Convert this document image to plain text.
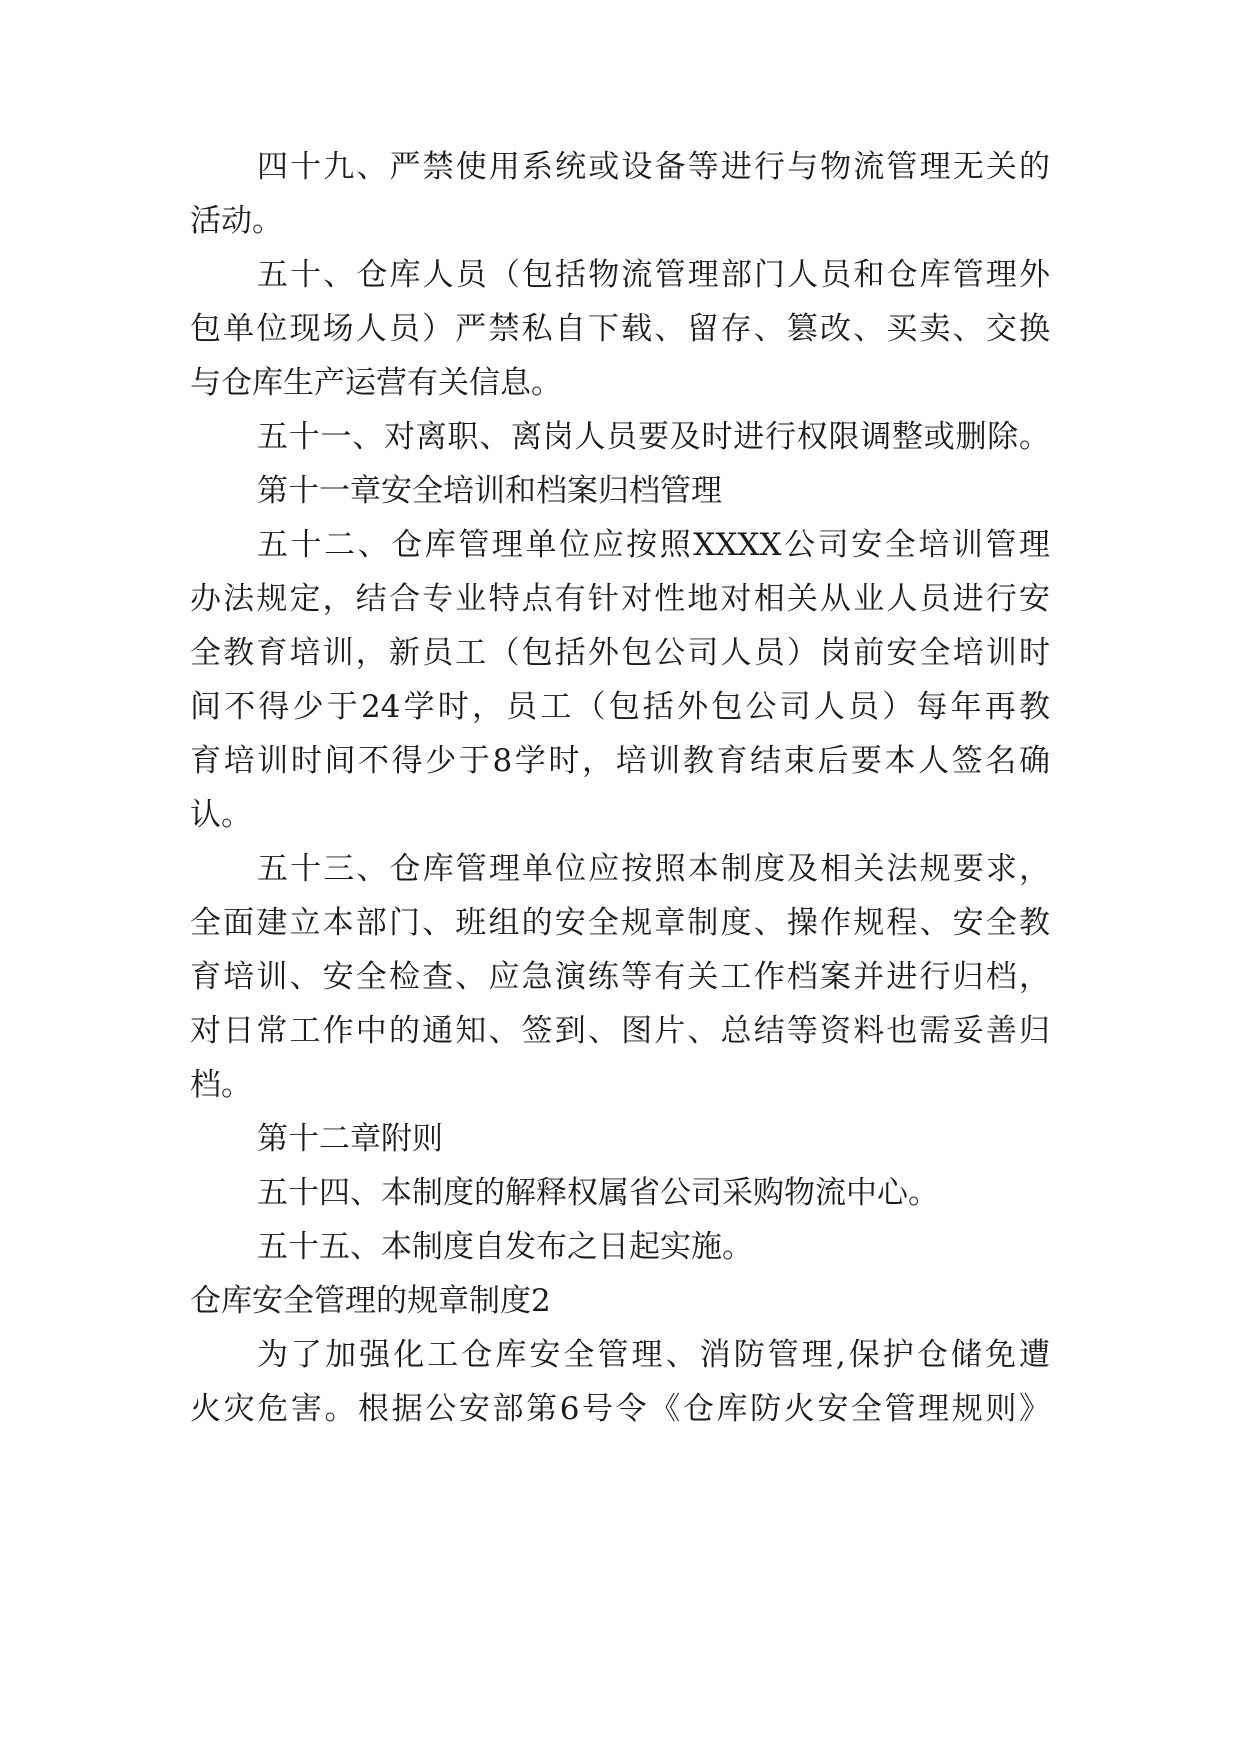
四十九、严禁使用系统或设备等进行与物流管理无关的
活动。
五十、仓库人员（包括物流管理部门人员和仓库管理外
包单位现场人员）严禁私自下载、留存、篡改、买卖、交换
与仓库生产运营有关信息。
五十一、对离职、离岗人员要及时进行权限调整或删除。
第十一章安全培训和档案归档管理
五十二、仓库管理单位应按照XXXX公司安全培训管理
办法规定，结合专业特点有针对性地对相关从业人员进行安
全教育培训，新员工（包括外包公司人员）岗前安全培训时
间不得少于24学时，员工（包括外包公司人员）每年再教
育培训时间不得少于8学时，培训教育结束后要本人签名确
认。
五十三、仓库管理单位应按照本制度及相关法规要求，
全面建立本部门、班组的安全规章制度、操作规程、安全教
育培训、安全检查、应急演练等有关工作档案并进行归档，
对日常工作中的通知、签到、图片、总结等资料也需妥善归
档。
第十二章附则
五十四、本制度的解释权属省公司采购物流中心。
五十五、本制度自发布之日起实施。
仓库安全管理的规章制度2
为了加强化工仓库安全管理、消防管理,保护仓储免遭
火灾危害。根据公安部第6号令《仓库防火安全管理规则》
